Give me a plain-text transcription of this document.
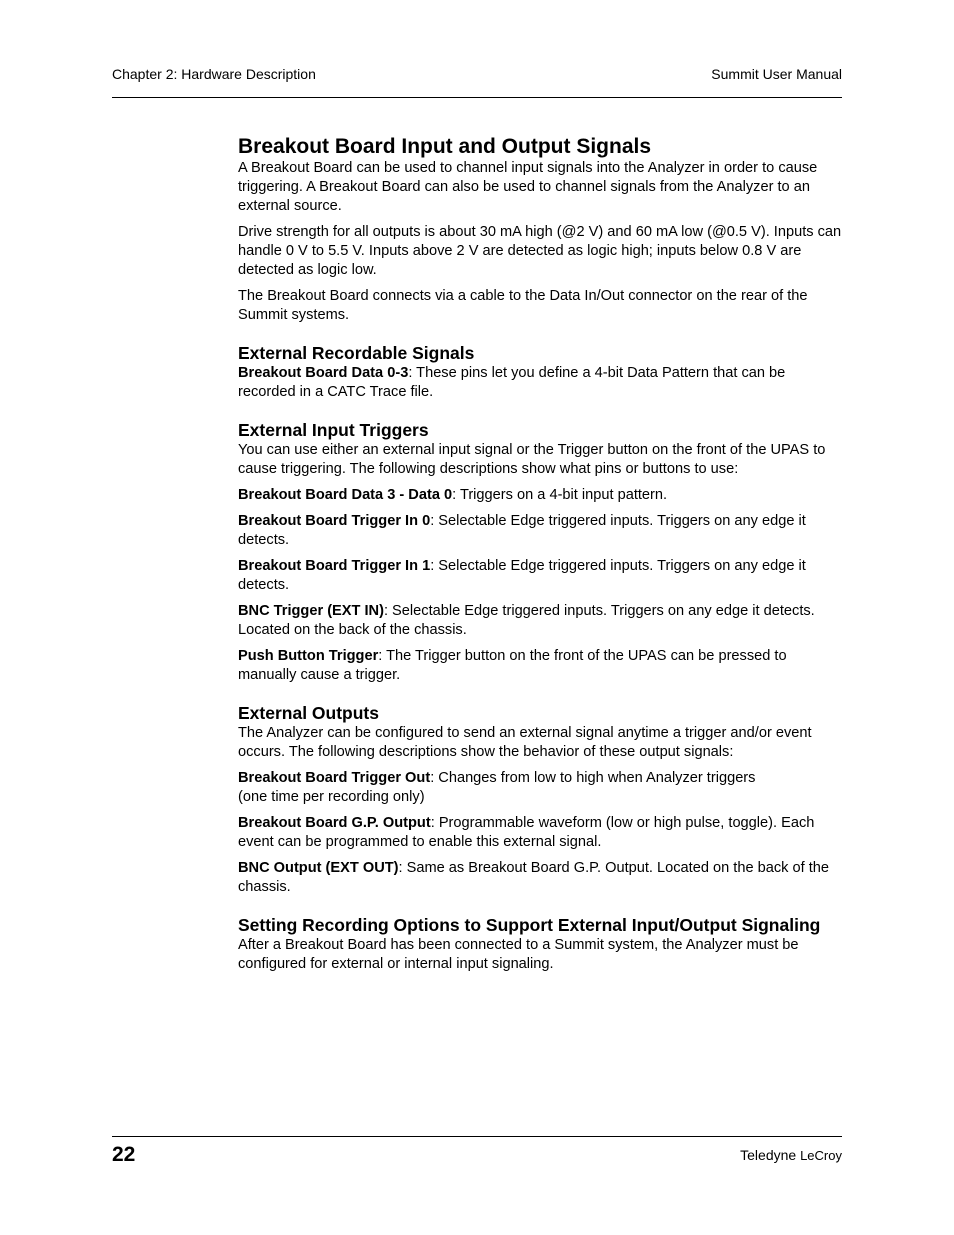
Chapter 2: Hardware Description	Summit User Manual
Breakout Board Input and Output Signals

A Breakout Board can be used to channel input signals into the Analyzer in order to cause triggering. A Breakout Board can also be used to channel signals from the Analyzer to an external source.

Drive strength for all outputs is about 30 mA high (@2 V) and 60 mA low (@0.5 V). Inputs can handle 0 V to 5.5 V. Inputs above 2 V are detected as logic high; inputs below 0.8 V are detected as logic low.

The Breakout Board connects via a cable to the Data In/Out connector on the rear of the Summit systems.

External Recordable Signals

Breakout Board Data 0-3: These pins let you define a 4-bit Data Pattern that can be recorded in a CATC Trace file.

External Input Triggers

You can use either an external input signal or the Trigger button on the front of the UPAS to cause triggering. The following descriptions show what pins or buttons to use:

Breakout Board Data 3 - Data 0: Triggers on a 4-bit input pattern.

Breakout Board Trigger In 0: Selectable Edge triggered inputs. Triggers on any edge it detects.

Breakout Board Trigger In 1: Selectable Edge triggered inputs. Triggers on any edge it detects.

BNC Trigger (EXT IN): Selectable Edge triggered inputs. Triggers on any edge it detects. Located on the back of the chassis.

Push Button Trigger: The Trigger button on the front of the UPAS can be pressed to manually cause a trigger.

External Outputs

The Analyzer can be configured to send an external signal anytime a trigger and/or event occurs. The following descriptions show the behavior of these output signals:

Breakout Board Trigger Out: Changes from low to high when Analyzer triggers
(one time per recording only)

Breakout Board G.P. Output: Programmable waveform (low or high pulse, toggle). Each event can be programmed to enable this external signal.

BNC Output (EXT OUT): Same as Breakout Board G.P. Output. Located on the back of the chassis.

Setting Recording Options to Support External Input/Output Signaling

After a Breakout Board has been connected to a Summit system, the Analyzer must be configured for external or internal input signaling.

22	Teledyne LeCroy
